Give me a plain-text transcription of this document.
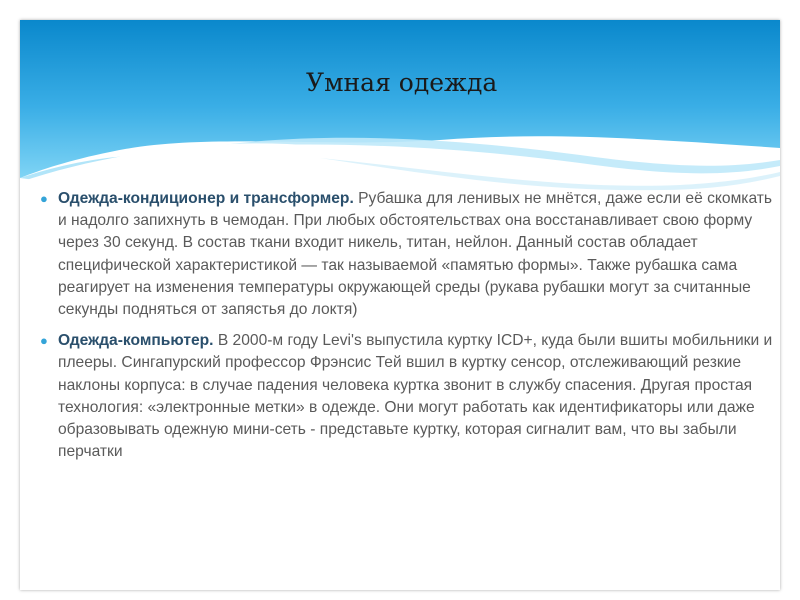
Умная одежда
● Одежда-кондиционер и трансформер. Рубашка для ленивых не мнётся, даже если её скомкать и надолго запихнуть в чемодан. При любых обстоятельствах она восстанавливает свою форму через 30 секунд. В состав ткани входит никель, титан, нейлон. Данный состав обладает специфической характеристикой — так называемой «памятью формы». Также рубашка сама реагирует на изменения температуры окружающей среды (рукава рубашки могут за считанные секунды подняться от запястья до локтя)
● Одежда-компьютер. В 2000-м году Levi's выпустила куртку ICD+, куда были вшиты мобильники и плееры. Сингапурский профессор Фрэнсис Тей вшил в куртку сенсор, отслеживающий резкие наклоны корпуса: в случае падения человека куртка звонит в службу спасения. Другая простая технология: «электронные метки» в одежде. Они могут работать как идентификаторы или даже образовывать одежную мини-сеть - представьте куртку, которая сигналит вам, что вы забыли перчатки
